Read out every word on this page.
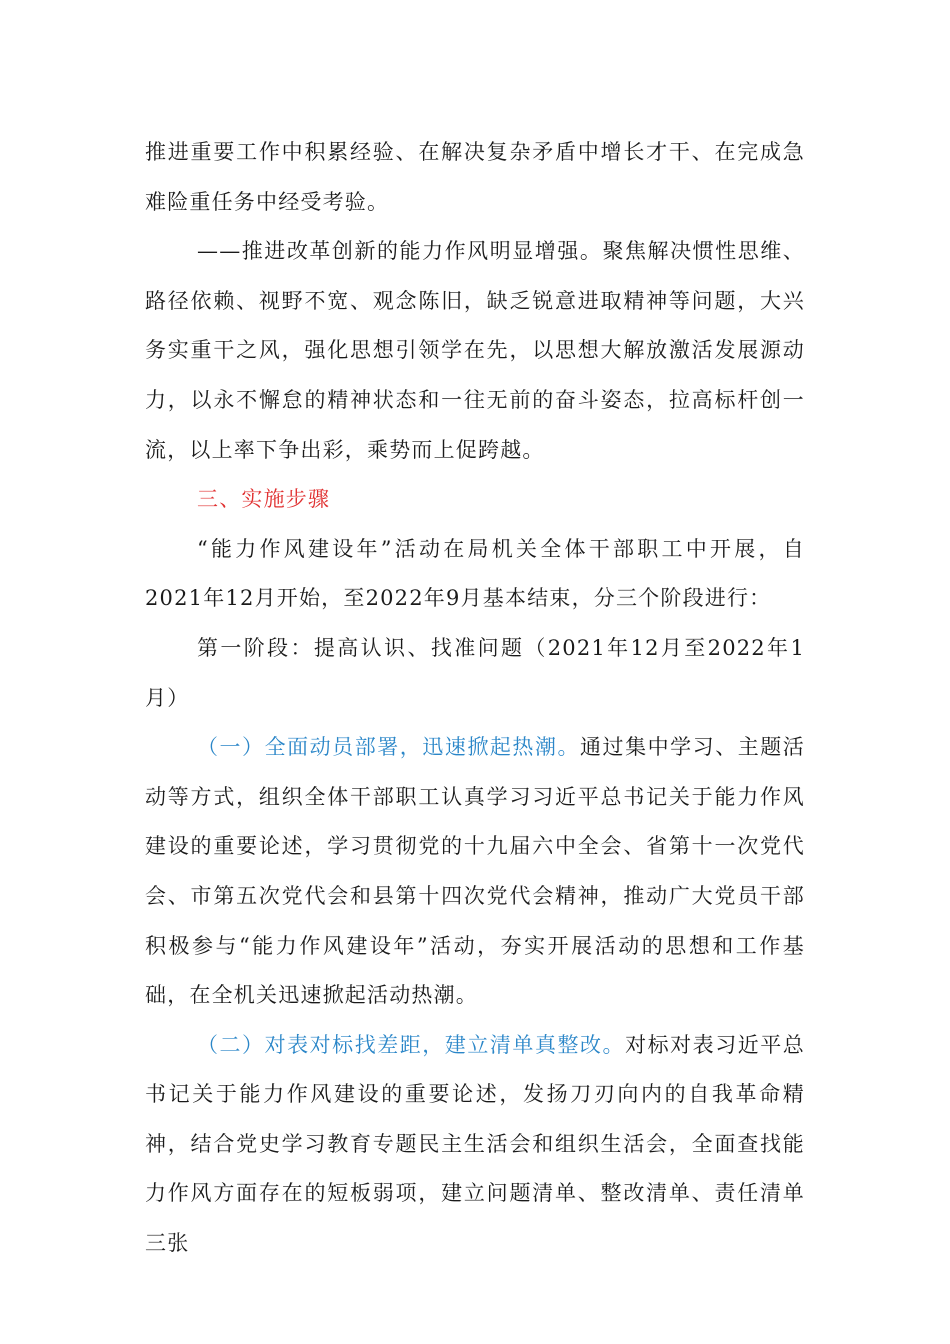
推进重要工作中积累经验、在解决复杂矛盾中增长才干、在完成急难险重任务中经受考验。

——推进改革创新的能力作风明显增强。聚焦解决惯性思维、路径依赖、视野不宽、观念陈旧，缺乏锐意进取精神等问题，大兴务实重干之风，强化思想引领学在先，以思想大解放激活发展源动力，以永不懈怠的精神状态和一往无前的奋斗姿态，拉高标杆创一流，以上率下争出彩，乘势而上促跨越。

三、实施步骤

“能力作风建设年”活动在局机关全体干部职工中开展，自2021年12月开始，至2022年9月基本结束，分三个阶段进行：

第一阶段：提高认识、找准问题（2021年12月至2022年1月）

（一）全面动员部署，迅速掀起热潮。通过集中学习、主题活动等方式，组织全体干部职工认真学习习近平总书记关于能力作风建设的重要论述，学习贯彻党的十九届六中全会、省第十一次党代会、市第五次党代会和县第十四次党代会精神，推动广大党员干部积极参与“能力作风建设年”活动，夯实开展活动的思想和工作基础，在全机关迅速掀起活动热潮。

（二）对表对标找差距，建立清单真整改。对标对表习近平总书记关于能力作风建设的重要论述，发扬刀刃向内的自我革命精神，结合党史学习教育专题民主生活会和组织生活会，全面查找能力作风方面存在的短板弱项，建立问题清单、整改清单、责任清单三张
